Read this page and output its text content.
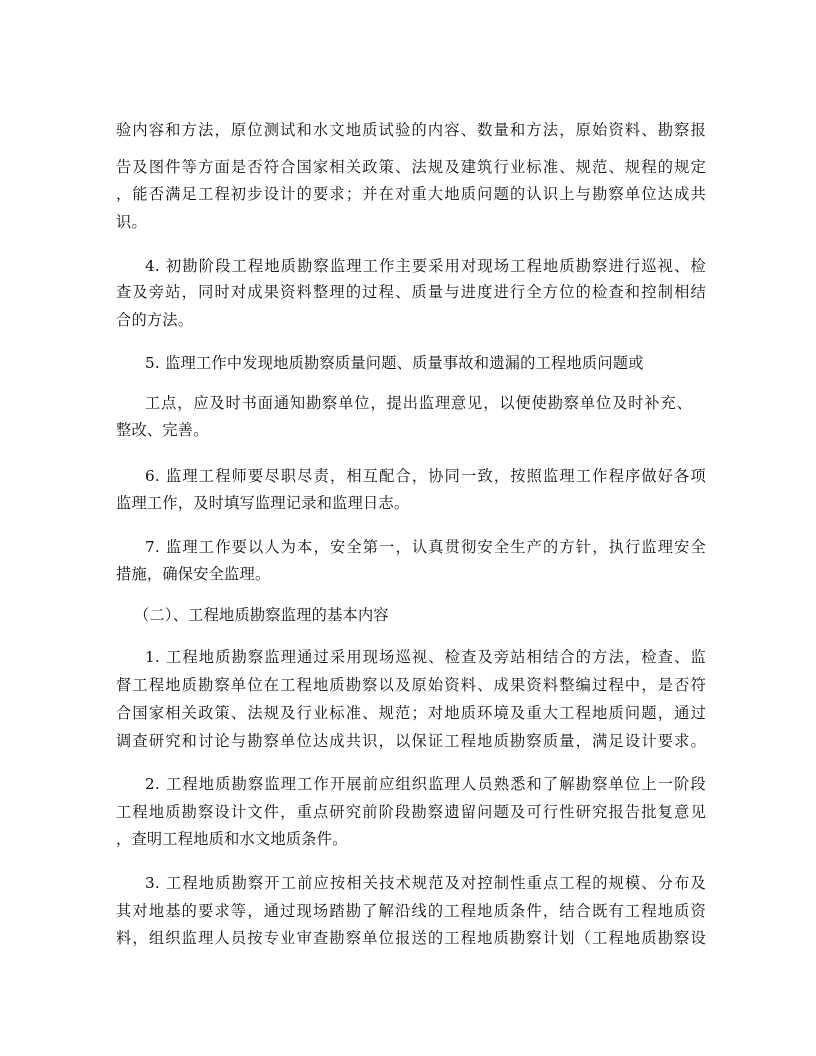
验内容和方法，原位测试和水文地质试验的内容、数量和方法，原始资料、勘察报
告及图件等方面是否符合国家相关政策、法规及建筑行业标准、规范、规程的规定
，能否满足工程初步设计的要求；并在对重大地质问题的认识上与勘察单位达成共
识。
4. 初勘阶段工程地质勘察监理工作主要采用对现场工程地质勘察进行巡视、检
查及旁站，同时对成果资料整理的过程、质量与进度进行全方位的检查和控制相结
合的方法。
5. 监理工作中发现地质勘察质量问题、质量事故和遗漏的工程地质问题或
工点，应及时书面通知勘察单位，提出监理意见，以便使勘察单位及时补充、
整改、完善。
6. 监理工程师要尽职尽责，相互配合，协同一致，按照监理工作程序做好各项
监理工作，及时填写监理记录和监理日志。
7. 监理工作要以人为本，安全第一，认真贯彻安全生产的方针，执行监理安全
措施，确保安全监理。
（二）、工程地质勘察监理的基本内容
1. 工程地质勘察监理通过采用现场巡视、检查及旁站相结合的方法，检查、监
督工程地质勘察单位在工程地质勘察以及原始资料、成果资料整编过程中，是否符
合国家相关政策、法规及行业标准、规范；对地质环境及重大工程地质问题，通过
调查研究和讨论与勘察单位达成共识，以保证工程地质勘察质量，满足设计要求。
2. 工程地质勘察监理工作开展前应组织监理人员熟悉和了解勘察单位上一阶段
工程地质勘察设计文件，重点研究前阶段勘察遗留问题及可行性研究报告批复意见
，查明工程地质和水文地质条件。
3. 工程地质勘察开工前应按相关技术规范及对控制性重点工程的规模、分布及
其对地基的要求等，通过现场踏勘了解沿线的工程地质条件，结合既有工程地质资
料，组织监理人员按专业审查勘察单位报送的工程地质勘察计划（工程地质勘察设
